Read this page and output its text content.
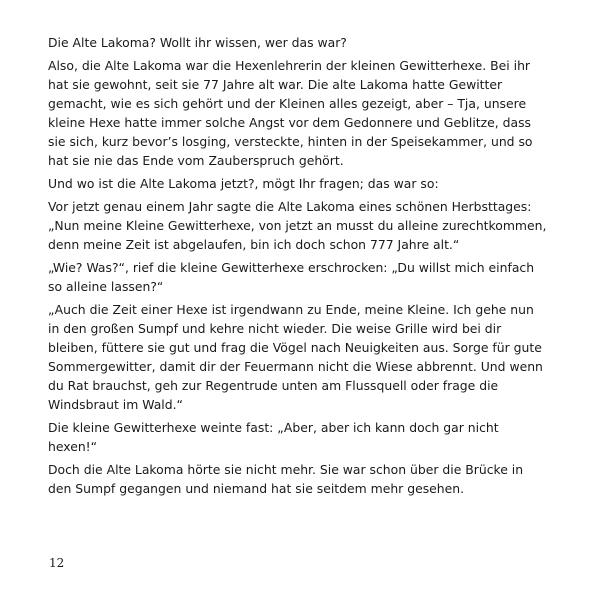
Die Alte Lakoma? Wollt ihr wissen, wer das war?

Also, die Alte Lakoma war die Hexenlehrerin der kleinen Gewitterhexe. Bei ihr
hat sie gewohnt, seit sie 77 Jahre alt war. Die alte Lakoma hatte Gewitter
gemacht, wie es sich gehört und der Kleinen alles gezeigt, aber – Tja, unsere
kleine Hexe hatte immer solche Angst vor dem Gedonnere und Geblitze, dass
sie sich, kurz bevor’s losging, versteckte, hinten in der Speisekammer, und so
hat sie nie das Ende vom Zauberspruch gehört.

Und wo ist die Alte Lakoma jetzt?, mögt Ihr fragen; das war so:

Vor jetzt genau einem Jahr sagte die Alte Lakoma eines schönen Herbsttages:
„Nun meine Kleine Gewitterhexe, von jetzt an musst du alleine zurechtkommen,
denn meine Zeit ist abgelaufen, bin ich doch schon 777 Jahre alt.“

„Wie? Was?“, rief die kleine Gewitterhexe erschrocken: „Du willst mich einfach
so alleine lassen?“

„Auch die Zeit einer Hexe ist irgendwann zu Ende, meine Kleine. Ich gehe nun
in den großen Sumpf und kehre nicht wieder. Die weise Grille wird bei dir
bleiben, füttere sie gut und frag die Vögel nach Neuigkeiten aus. Sorge für gute
Sommergewitter, damit dir der Feuermann nicht die Wiese abbrennt. Und wenn
du Rat brauchst, geh zur Regentrude unten am Flussquell oder frage die
Windsbraut im Wald.“

Die kleine Gewitterhexe weinte fast: „Aber, aber ich kann doch gar nicht
hexen!“

Doch die Alte Lakoma hörte sie nicht mehr. Sie war schon über die Brücke in
den Sumpf gegangen und niemand hat sie seitdem mehr gesehen.

12
